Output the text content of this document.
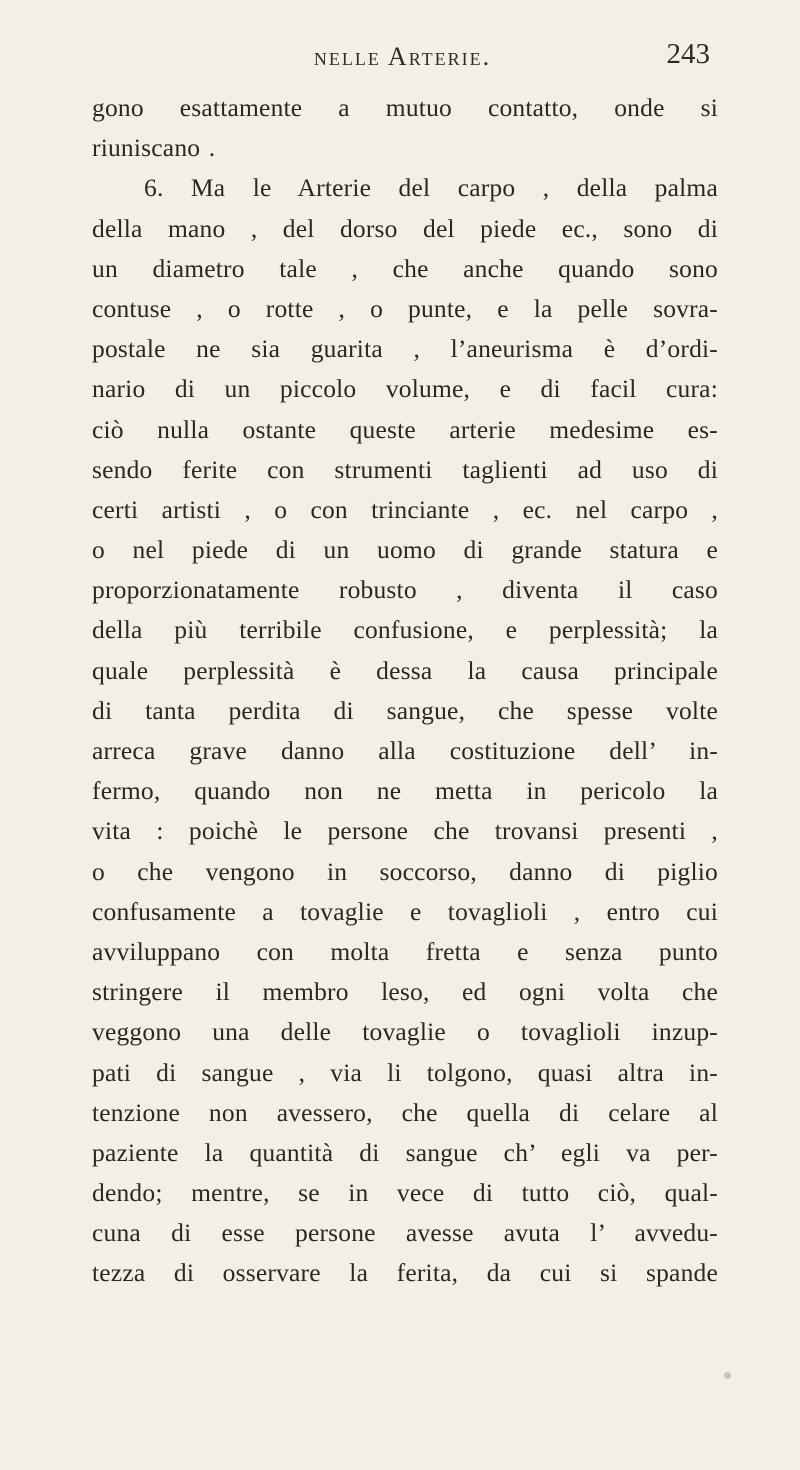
nelle Arterie.	243
gono esattamente a mutuo contatto, onde si
riuniscano .
6. Ma le Arterie del carpo , della palma
della mano , del dorso del piede ec., sono di
un diametro tale , che anche quando sono
contuse , o rotte , o punte, e la pelle sovra-
postale ne sia guarita , l’aneurisma è d’ordi-
nario di un piccolo volume, e di facil cura:
ciò nulla ostante queste arterie medesime es-
sendo ferite con strumenti taglienti ad uso di
certi artisti , o con trinciante , ec. nel carpo ,
o nel piede di un uomo di grande statura e
proporzionatamente robusto , diventa il caso
della più terribile confusione, e perplessità; la
quale perplessità è dessa la causa principale
di tanta perdita di sangue, che spesse volte
arreca grave danno alla costituzione dell’ in-
fermo, quando non ne metta in pericolo la
vita : poichè le persone che trovansi presenti ,
o che vengono in soccorso, danno di piglio
confusamente a tovaglie e tovaglioli , entro cui
avviluppano con molta fretta e senza punto
stringere il membro leso, ed ogni volta che
veggono una delle tovaglie o tovaglioli inzup-
pati di sangue , via li tolgono, quasi altra in-
tenzione non avessero, che quella di celare al
paziente la quantità di sangue ch’ egli va per-
dendo; mentre, se in vece di tutto ciò, qual-
cuna di esse persone avesse avuta l’ avvedu-
tezza di osservare la ferita, da cui si spande
